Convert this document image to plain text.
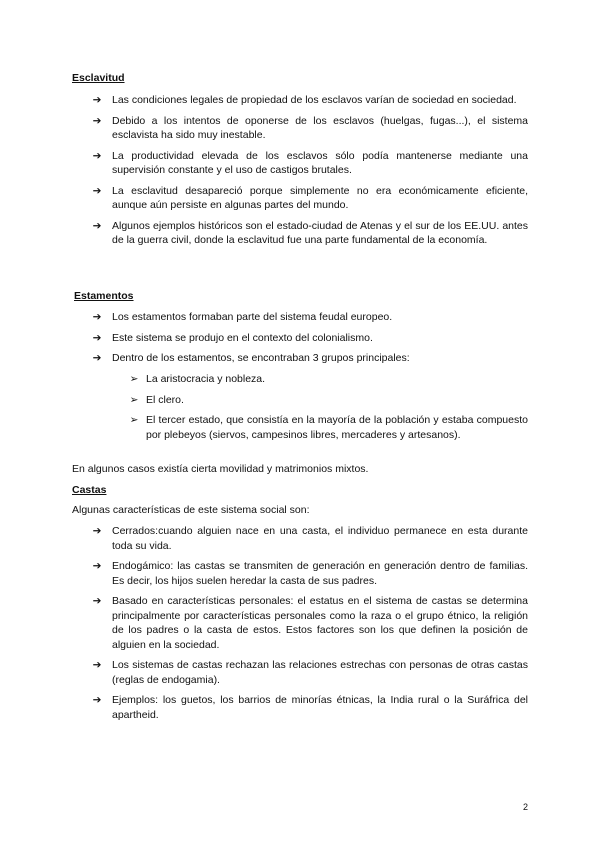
Esclavitud
➔	Las condiciones legales de propiedad de los esclavos varían de sociedad en sociedad.
➔	Debido a los intentos de oponerse de los esclavos (huelgas, fugas...), el sistema esclavista ha sido muy inestable.
➔	La productividad elevada de los esclavos sólo podía mantenerse mediante una supervisión constante y el uso de castigos brutales.
➔	La esclavitud desapareció porque simplemente no era económicamente eficiente, aunque aún persiste en algunas partes del mundo.
➔	Algunos ejemplos históricos son el estado-ciudad de Atenas y el sur de los EE.UU. antes de la guerra civil, donde la esclavitud fue una parte fundamental de la economía.
Estamentos
➔	Los estamentos formaban parte del sistema feudal europeo.
➔	Este sistema se produjo en el contexto del colonialismo.
➔	Dentro de los estamentos, se encontraban 3 grupos principales:
➢ La aristocracia y nobleza.
➢ El clero.
➢ El tercer estado, que consistía en la mayoría de la población y estaba compuesto por plebeyos (siervos, campesinos libres, mercaderes y artesanos).
En algunos casos existía cierta movilidad y matrimonios mixtos.
Castas
Algunas características de este sistema social son:
➔	Cerrados:cuando alguien nace en una casta, el individuo permanece en esta durante toda su vida.
➔	Endogámico: las castas se transmiten de generación en generación dentro de familias. Es decir, los hijos suelen heredar la casta de sus padres.
➔	Basado en características personales: el estatus en el sistema de castas se determina principalmente por características personales como la raza o el grupo étnico, la religión de los padres o la casta de estos. Estos factores son los que definen la posición de alguien en la sociedad.
➔	Los sistemas de castas rechazan las relaciones estrechas con personas de otras castas (reglas de endogamia).
➔	Ejemplos: los guetos, los barrios de minorías étnicas, la India rural o la Suráfrica del apartheid.
2
